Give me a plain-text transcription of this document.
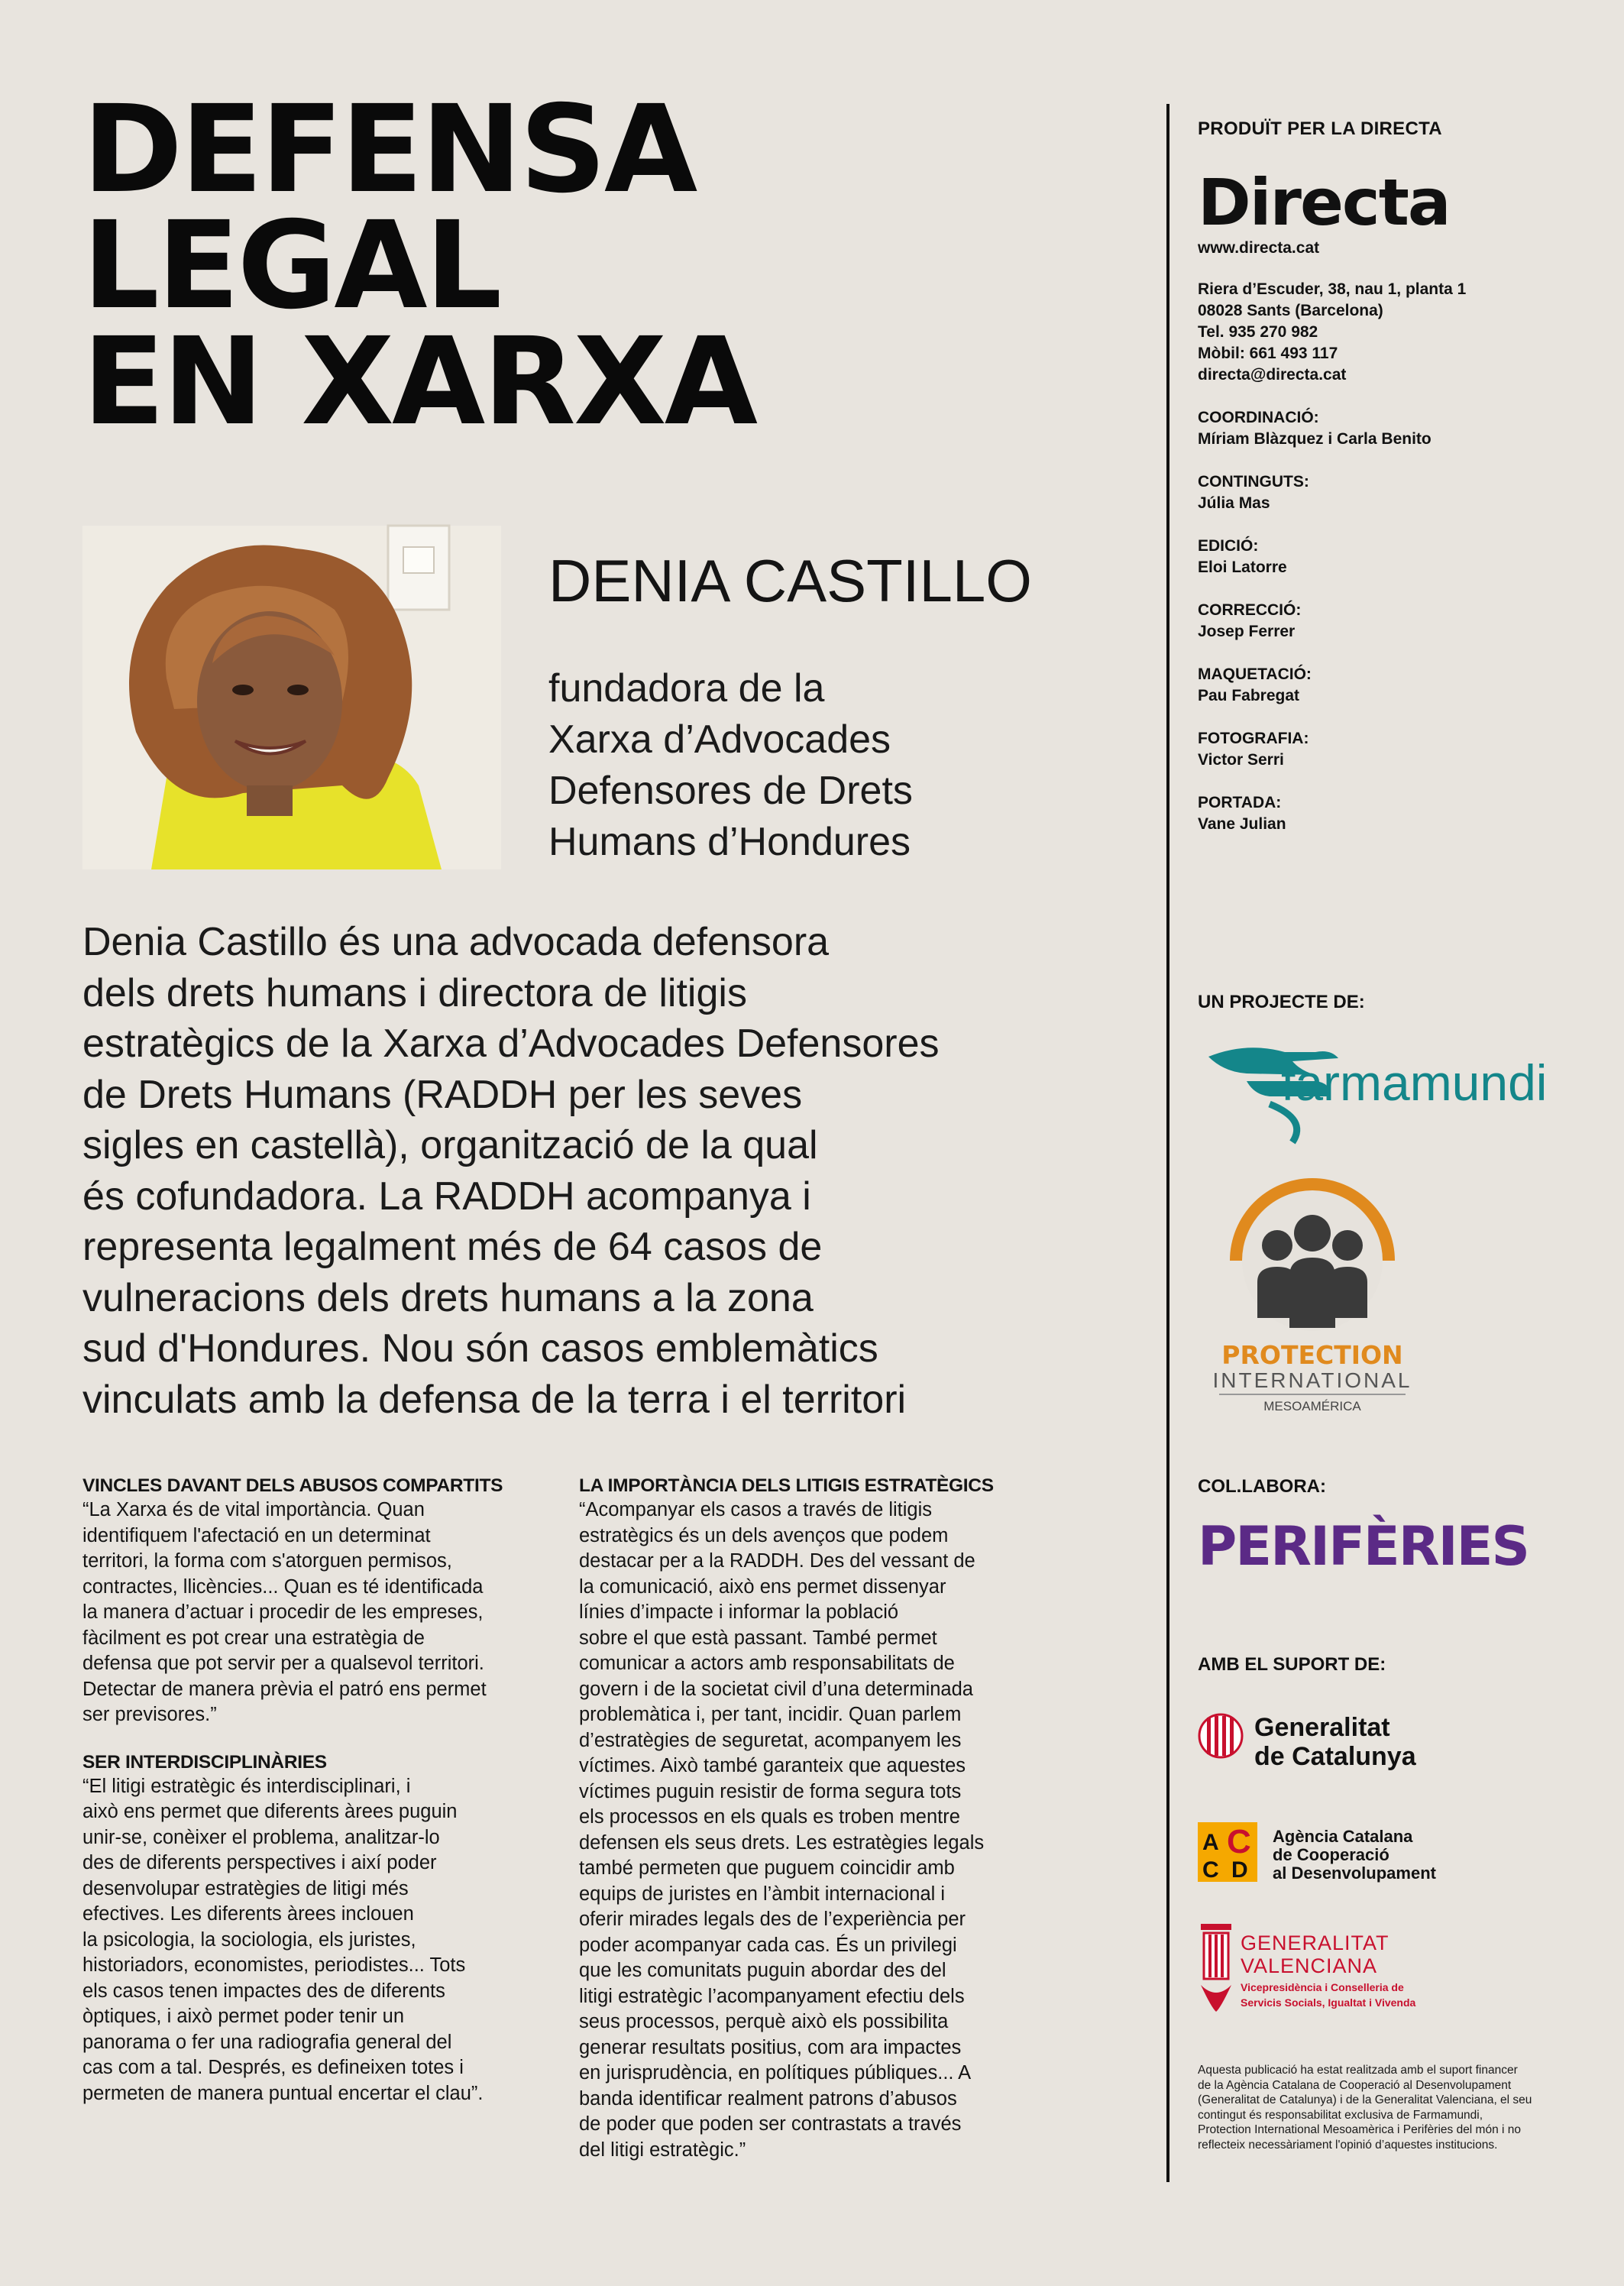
DEFENSA
LEGAL
EN XARXA
DENIA CASTILLO
fundadora de la
Xarxa d’Advocades
Defensores de Drets
Humans d’Hondures
Denia Castillo és una advocada defensora
dels drets humans i directora de litigis
estratègics de la Xarxa d’Advocades Defensores
de Drets Humans (RADDH per les seves
sigles en castellà), organització de la qual
és cofundadora. La RADDH acompanya i
representa legalment més de 64 casos de
vulneracions dels drets humans a la zona
sud d'Hondures. Nou són casos emblemàtics
vinculats amb la defensa de la terra i el territori
VINCLES DAVANT DELS ABUSOS COMPARTITS

“La Xarxa és de vital importància. Quan
identifiquem l'afectació en un determinat
territori, la forma com s'atorguen permisos,
contractes, llicències... Quan es té identificada
la manera d’actuar i procedir de les empreses,
fàcilment es pot crear una estratègia de
defensa que pot servir per a qualsevol territori.
Detectar de manera prèvia el patró ens permet
ser previsores.”

SER INTERDISCIPLINÀRIES

“El litigi estratègic és interdisciplinari, i
això ens permet que diferents àrees puguin
unir-se, conèixer el problema, analitzar-lo
des de diferents perspectives i així poder
desenvolupar estratègies de litigi més
efectives. Les diferents àrees inclouen
la psicologia, la sociologia, els juristes,
historiadors, economistes, periodistes... Tots
els casos tenen impactes des de diferents
òptiques, i això permet poder tenir un
panorama o fer una radiografia general del
cas com a tal. Després, es defineixen totes i
permeten de manera puntual encertar el clau”.

LA IMPORTÀNCIA DELS LITIGIS ESTRATÈGICS

“Acompanyar els casos a través de litigis
estratègics és un dels avenços que podem
destacar per a la RADDH. Des del vessant de
la comunicació, això ens permet dissenyar
línies d’impacte i informar la població
sobre el que està passant. També permet
comunicar a actors amb responsabilitats de
govern i de la societat civil d’una determinada
problemàtica i, per tant, incidir. Quan parlem
d’estratègies de seguretat, acompanyem les
víctimes. Això també garanteix que aquestes
víctimes puguin resistir de forma segura tots
els processos en els quals es troben mentre
defensen els seus drets. Les estratègies legals
també permeten que puguem coincidir amb
equips de juristes en l’àmbit internacional i
oferir mirades legals des de l’experiència per
poder acompanyar cada cas. És un privilegi
que les comunitats puguin abordar des del
litigi estratègic l’acompanyament efectiu dels
seus processos, perquè això els possibilita
generar resultats positius, com ara impactes
en jurisprudència, en polítiques públiques... A
banda identificar realment patrons d’abusos
de poder que poden ser contrastats a través
del litigi estratègic.”

PRODUÏT PER LA DIRECTA
Directa
www.directa.cat
Riera d’Escuder, 38, nau 1, planta 1
08028 Sants (Barcelona)
Tel. 935 270 982
Mòbil: 661 493 117
directa@directa.cat
COORDINACIÓ:
Míriam Blàzquez i Carla Benito
CONTINGUTS:
Júlia Mas
EDICIÓ:
Eloi Latorre
CORRECCIÓ:
Josep Ferrer
MAQUETACIÓ:
Pau Fabregat
FOTOGRAFIA:
Victor Serri
PORTADA:
Vane Julian
UN PROJECTE DE:
farmamundi
PROTECTION
INTERNATIONAL
MESOAMÉRICA
COL.LABORA:
PERIFÈRIES
AMB EL SUPORT DE:
Generalitat
de Catalunya
A C
C D
Agència Catalana
de Cooperació
al Desenvolupament
GENERALITAT
VALENCIANA
Vicepresidència i Conselleria de
Servicis Socials, Igualtat i Vivenda
Aquesta publicació ha estat realitzada amb el suport financer de la Agència Catalana de Cooperació al Desenvolupament (Generalitat de Catalunya) i de la Generalitat Valenciana, el seu contingut és responsabilitat exclusiva de Farmamundi, Protection International Mesoamèrica i Perifèries del món i no reflecteix necessàriament l'opinió d’aquestes institucions.
